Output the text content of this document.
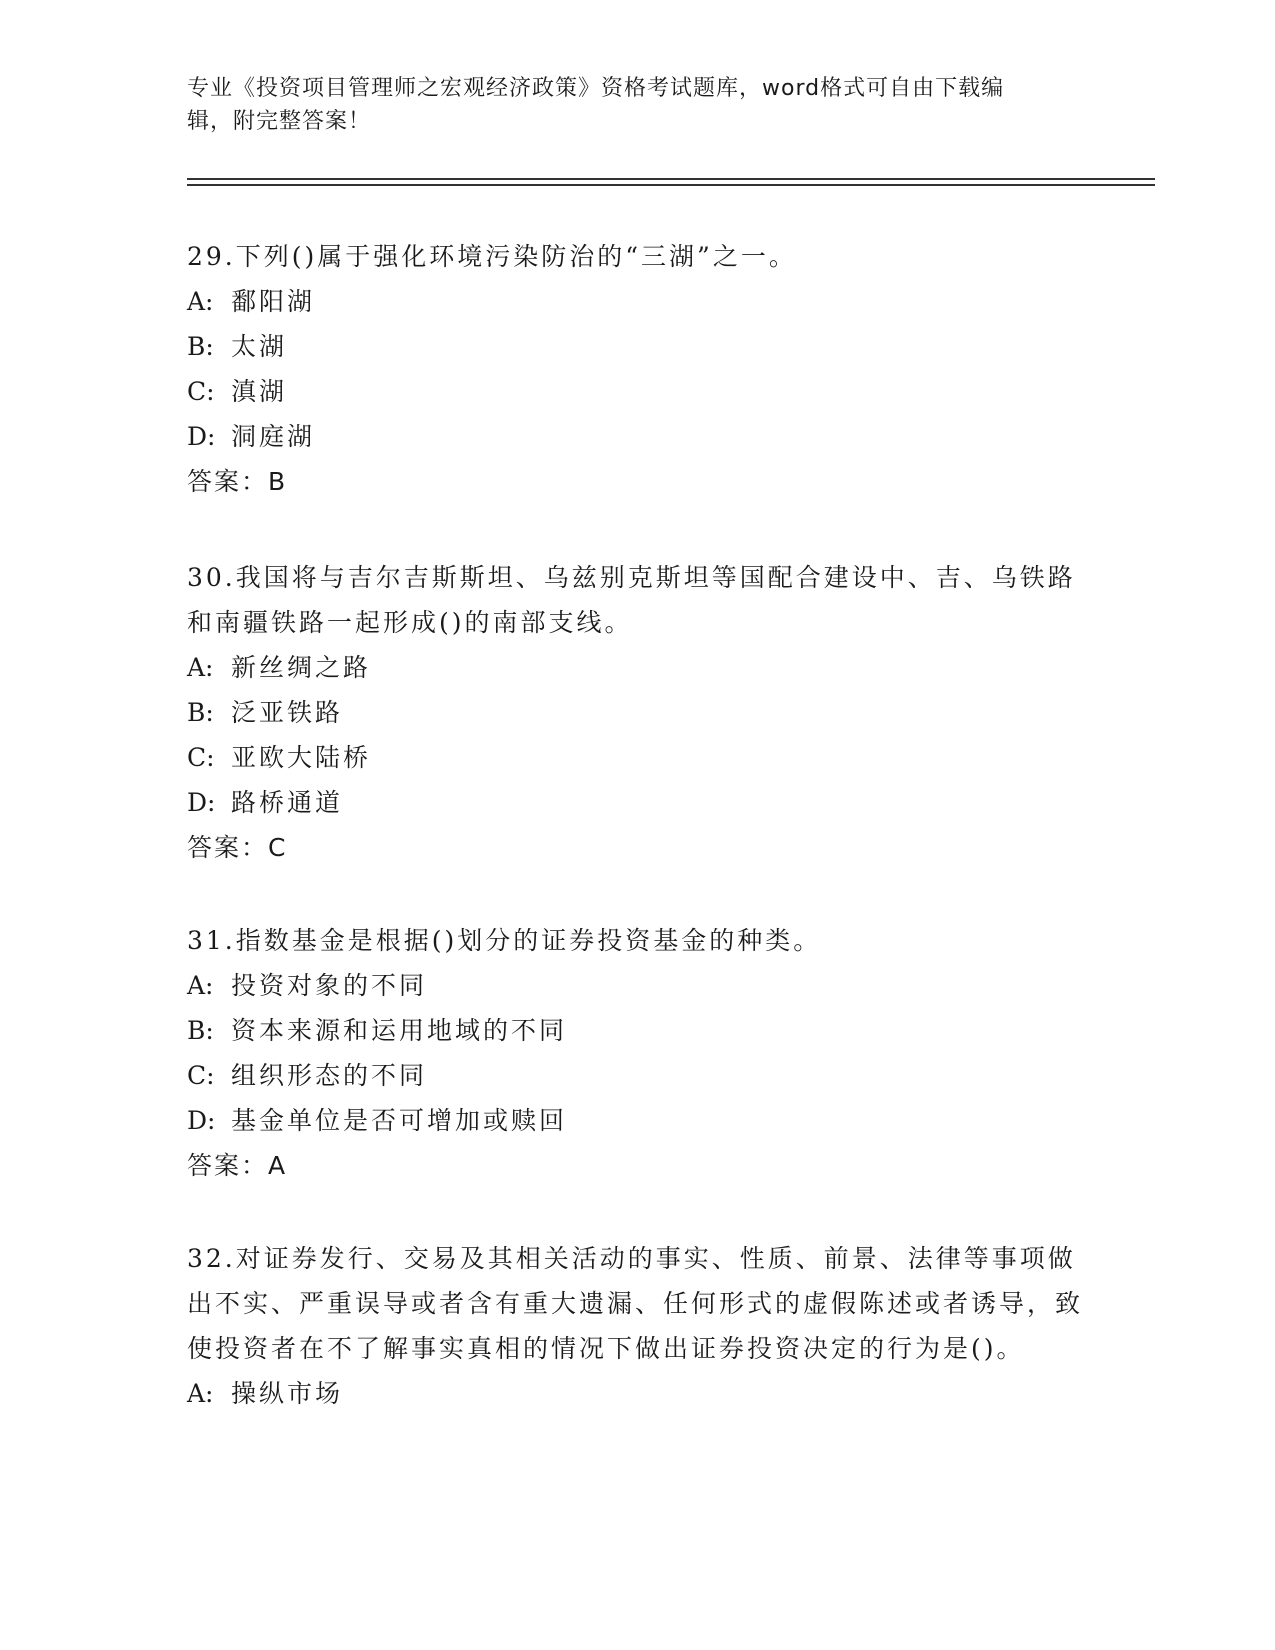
专业《投资项目管理师之宏观经济政策》资格考试题库，word格式可自由下载编
辑，附完整答案！
29.下列()属于强化环境污染防治的“三湖”之一。
A: 鄱阳湖
B: 太湖
C: 滇湖
D: 洞庭湖
答案：B
30.我国将与吉尔吉斯斯坦、乌兹别克斯坦等国配合建设中、吉、乌铁路和南疆铁路一起形成()的南部支线。
A: 新丝绸之路
B: 泛亚铁路
C: 亚欧大陆桥
D: 路桥通道
答案：C
31.指数基金是根据()划分的证券投资基金的种类。
A: 投资对象的不同
B: 资本来源和运用地域的不同
C: 组织形态的不同
D: 基金单位是否可增加或赎回
答案：A
32.对证券发行、交易及其相关活动的事实、性质、前景、法律等事项做出不实、严重误导或者含有重大遗漏、任何形式的虚假陈述或者诱导，致使投资者在不了解事实真相的情况下做出证券投资决定的行为是()。
A: 操纵市场
